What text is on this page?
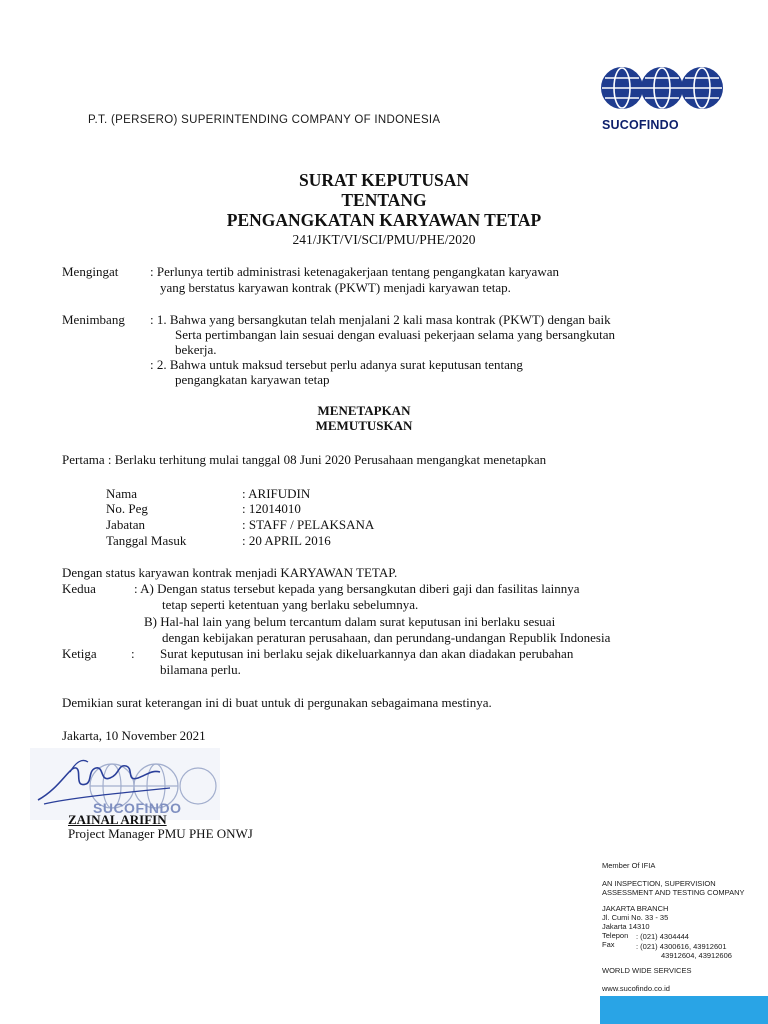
P.T. (PERSERO) SUPERINTENDING COMPANY OF INDONESIA	SUCOFINDO
SURAT KEPUTUSAN
TENTANG
PENGANGKATAN KARYAWAN TETAP
241/JKT/VI/SCI/PMU/PHE/2020
Mengingat : Perlunya tertib administrasi ketenagakerjaan tentang pengangkatan karyawan
yang berstatus karyawan kontrak (PKWT) menjadi karyawan tetap.
Menimbang : 1. Bahwa yang bersangkutan telah menjalani 2 kali masa kontrak (PKWT) dengan baik
Serta pertimbangan lain sesuai dengan evaluasi pekerjaan selama yang bersangkutan
bekerja.
: 2. Bahwa untuk maksud tersebut perlu adanya surat keputusan tentang
pengangkatan karyawan tetap
MENETAPKAN
MEMUTUSKAN
Pertama : Berlaku terhitung mulai tanggal 08 Juni 2020 Perusahaan mengangkat menetapkan
Nama	: ARIFUDIN
No. Peg	: 12014010
Jabatan	: STAFF / PELAKSANA
Tanggal Masuk	: 20 APRIL 2016
Dengan status karyawan kontrak menjadi KARYAWAN TETAP.
Kedua	: A) Dengan status tersebut kepada yang bersangkutan diberi gaji dan fasilitas lainnya
tetap seperti ketentuan yang berlaku sebelumnya.
B) Hal-hal lain yang belum tercantum dalam surat keputusan ini berlaku sesuai
dengan kebijakan peraturan perusahaan, dan perundang-undangan Republik Indonesia
Ketiga	: Surat keputusan ini berlaku sejak dikeluarkannya dan akan diadakan perubahan
bilamana perlu.
Demikian surat keterangan ini di buat untuk di pergunakan sebagaimana mestinya.
Jakarta, 10 November 2021
SUCOFINDO
ZAINAL ARIFIN
Project Manager PMU PHE ONWJ
Member Of IFIA
AN INSPECTION, SUPERVISION
ASSESSMENT AND TESTING COMPANY
JAKARTA BRANCH
Jl. Cumi No. 33 - 35
Jakarta 14310
Telepon : (021) 4304444
Fax	: (021) 4300616, 43912601
43912604, 43912606
WORLD WIDE SERVICES
www.sucofindo.co.id
